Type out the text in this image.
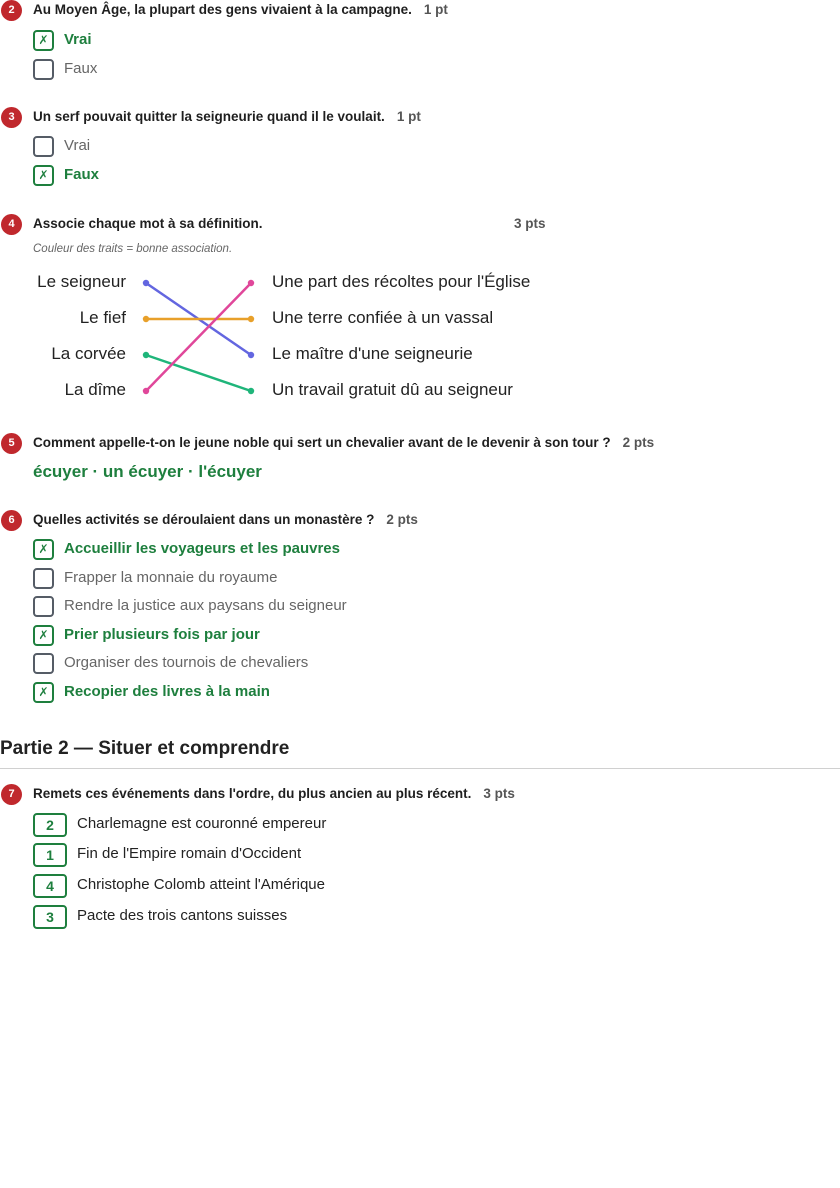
2	Au Moyen Âge, la plupart des gens vivaient à la campagne. 1 pt
✗	Vrai
Faux
3	Un serf pouvait quitter la seigneurie quand il le voulait. 1 pt
Vrai
✗	Faux
4	Associe chaque mot à sa définition.	3 pts
Couleur des traits = bonne association.
Le seigneur
Le fief
La corvée
La dîme
Une part des récoltes pour l'Église
Une terre confiée à un vassal
Le maître d'une seigneurie
Un travail gratuit dû au seigneur
5	Comment appelle-t-on le jeune noble qui sert un chevalier avant de le devenir à son tour ? 2 pts
écuyer · un écuyer · l'écuyer
6	Quelles activités se déroulaient dans un monastère ? 2 pts
✗	Accueillir les voyageurs et les pauvres
Frapper la monnaie du royaume
Rendre la justice aux paysans du seigneur
✗	Prier plusieurs fois par jour
Organiser des tournois de chevaliers
✗	Recopier des livres à la main
Partie 2 — Situer et comprendre
7	Remets ces événements dans l'ordre, du plus ancien au plus récent. 3 pts
2	Charlemagne est couronné empereur
1	Fin de l'Empire romain d'Occident
4	Christophe Colomb atteint l'Amérique
3	Pacte des trois cantons suisses
